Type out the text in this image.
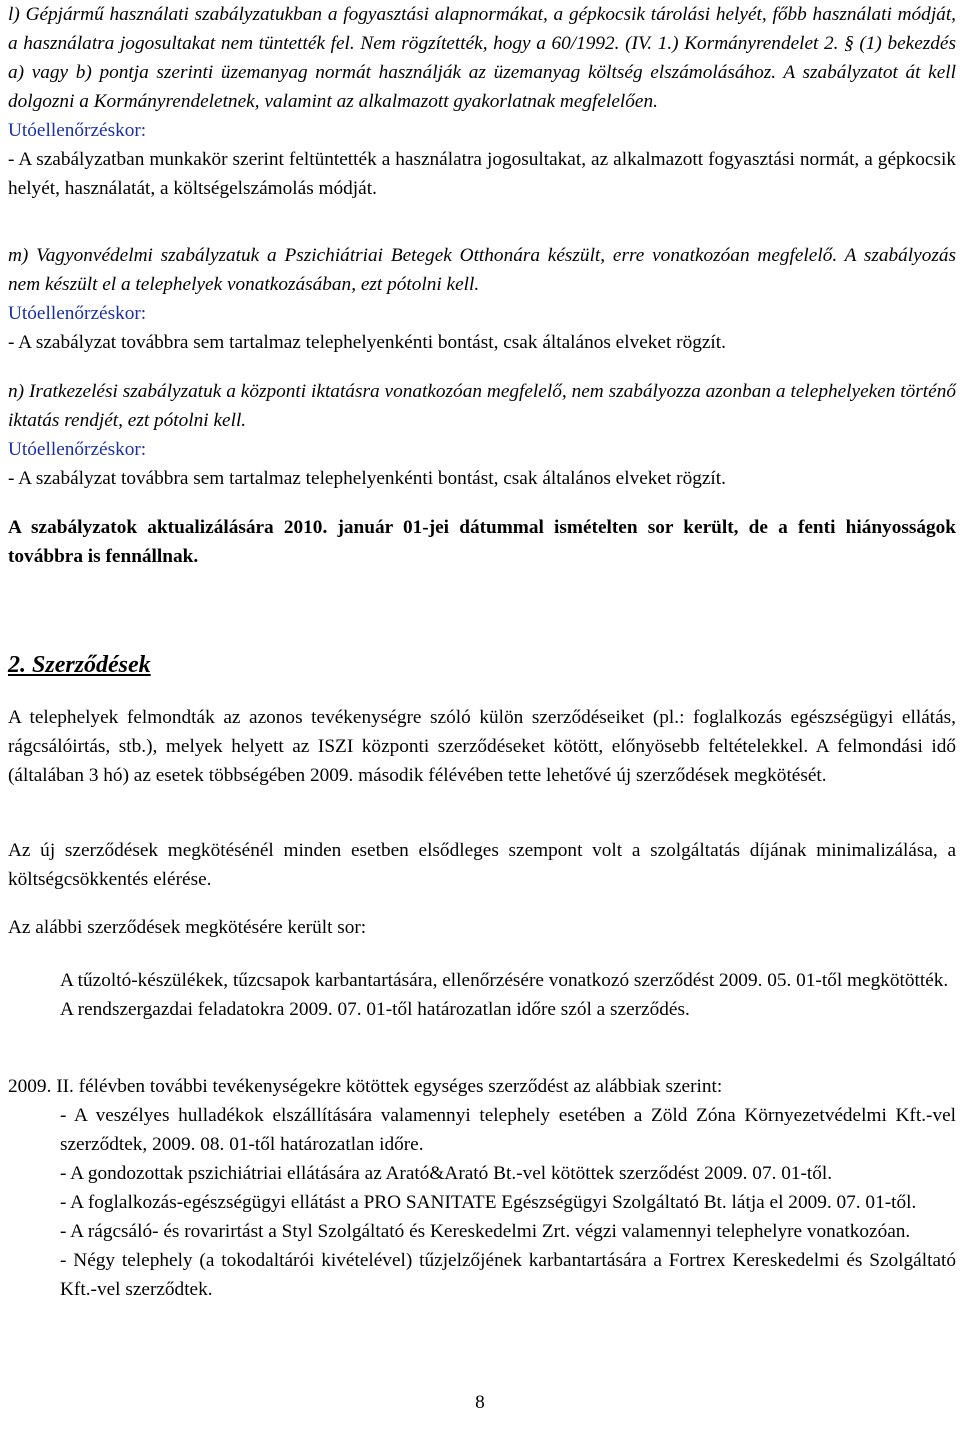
l) Gépjármű használati szabályzatukban a fogyasztási alapnormákat, a gépkocsik tárolási helyét, főbb használati módját, a használatra jogosultakat nem tüntették fel. Nem rögzítették, hogy a 60/1992. (IV. 1.) Kormányrendelet 2. § (1) bekezdés a) vagy b) pontja szerinti üzemanyag normát használják az üzemanyag költség elszámolásához. A szabályzatot át kell dolgozni a Kormányrendeletnek, valamint az alkalmazott gyakorlatnak megfelelően.

Utóellenőrzéskor:

- A szabályzatban munkakör szerint feltüntették a használatra jogosultakat, az alkalmazott fogyasztási normát, a gépkocsik helyét, használatát, a költségelszámolás módját.

m) Vagyonvédelmi szabályzatuk a Pszichiátriai Betegek Otthonára készült, erre vonatkozóan megfelelő. A szabályozás nem készült el a telephelyek vonatkozásában, ezt pótolni kell.

Utóellenőrzéskor:

- A szabályzat továbbra sem tartalmaz telephelyenkénti bontást, csak általános elveket rögzít.

n) Iratkezelési szabályzatuk a központi iktatásra vonatkozóan megfelelő, nem szabályozza azonban a telephelyeken történő iktatás rendjét, ezt pótolni kell.

Utóellenőrzéskor:

- A szabályzat továbbra sem tartalmaz telephelyenkénti bontást, csak általános elveket rögzít.

A szabályzatok aktualizálására 2010. január 01-jei dátummal ismételten sor került, de a fenti hiányosságok továbbra is fennállnak.

2. Szerződések

A telephelyek felmondták az azonos tevékenységre szóló külön szerződéseiket (pl.: foglalkozás egészségügyi ellátás, rágcsálóirtás, stb.), melyek helyett az ISZI központi szerződéseket kötött, előnyösebb feltételekkel. A felmondási idő (általában 3 hó) az esetek többségében 2009. második félévében tette lehetővé új szerződések megkötését.

Az új szerződések megkötésénél minden esetben elsődleges szempont volt a szolgáltatás díjának minimalizálása, a költségcsökkentés elérése.

Az alábbi szerződések megkötésére került sor:

A tűzoltó-készülékek, tűzcsapok karbantartására, ellenőrzésére vonatkozó szerződést 2009. 05. 01-től megkötötték.

A rendszergazdai feladatokra 2009. 07. 01-től határozatlan időre szól a szerződés.

2009. II. félévben további tevékenységekre kötöttek egységes szerződést az alábbiak szerint:

- A veszélyes hulladékok elszállítására valamennyi telephely esetében a Zöld Zóna Környezetvédelmi Kft.-vel szerződtek, 2009. 08. 01-től határozatlan időre.

- A gondozottak pszichiátriai ellátására az Arató&Arató Bt.-vel kötöttek szerződést 2009. 07. 01-től.

- A foglalkozás-egészségügyi ellátást a PRO SANITATE Egészségügyi Szolgáltató Bt. látja el 2009. 07. 01-től.

- A rágcsáló- és rovarirtást a Styl Szolgáltató és Kereskedelmi Zrt. végzi valamennyi telephelyre vonatkozóan.

- Négy telephely (a tokodaltárói kivételével) tűzjelzőjének karbantartására a Fortrex Kereskedelmi és Szolgáltató Kft.-vel szerződtek.

8
